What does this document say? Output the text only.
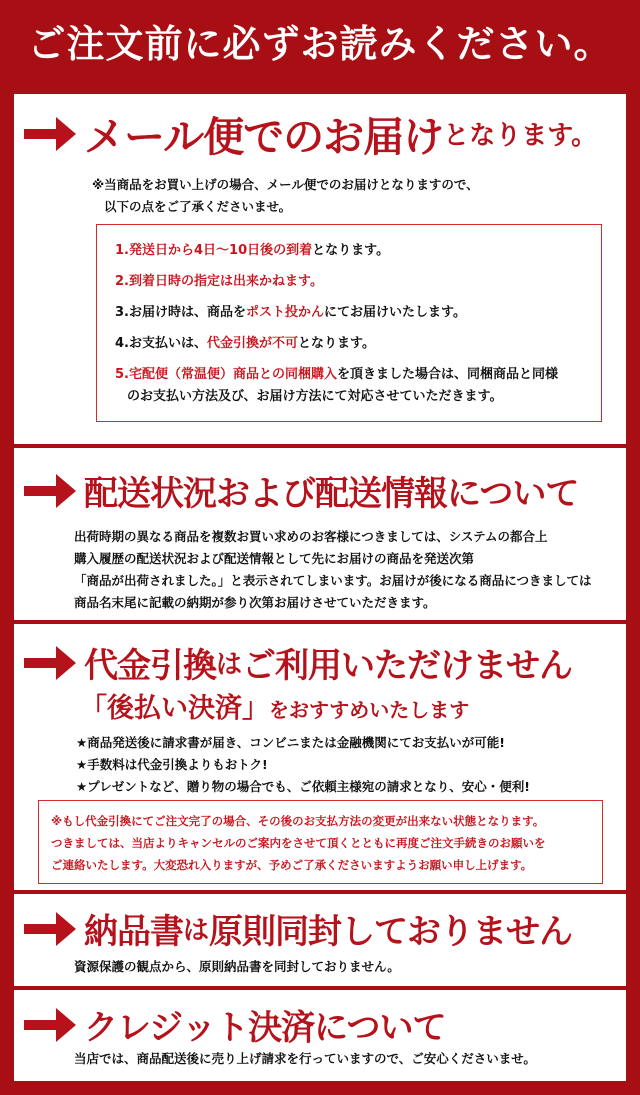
ご注文前に必ずお読みください。
メール便でのお届け となります。
※当商品をお買い上げの場合、メール便でのお届けとなりますので、
以下の点をご了承くださいませ。
1.発送日から4日～10日後の到着となります。
2.到着日時の指定は出来かねます。
3.お届け時は、商品をポスト投かんにてお届けいたします。
4.お支払いは、代金引換が不可となります。
5.宅配便（常温便）商品との同梱購入を頂きました場合は、同梱商品と同様
のお支払い方法及び、お届け方法にて対応させていただきます。
配送状況および配送情報について
出荷時期の異なる商品を複数お買い求めのお客様につきましては、システムの都合上
購入履歴の配送状況および配送情報として先にお届けの商品を発送次第
「商品が出荷されました。」と表示されてしまいます。お届けが後になる商品につきましては
商品名末尾に記載の納期が参り次第お届けさせていただきます。
代金引換 は ご利用いただけません
「後払い決済」をおすすめいたします
★商品発送後に請求書が届き、コンビニまたは金融機関にてお支払いが可能!
★手数料は代金引換よりもおトク!
★プレゼントなど、贈り物の場合でも、ご依頼主様宛の請求となり、安心・便利!
※もし代金引換にてご注文完了の場合、その後のお支払方法の変更が出来ない状態となります。
つきましては、当店よりキャンセルのご案内をさせて頂くとともに再度ご注文手続きのお願いを
ご連絡いたします。大変恐れ入りますが、予めご了承くださいますようお願い申し上げます。
納品書 は 原則同封しておりません
資源保護の観点から、原則納品書を同封しておりません。
クレジット決済について
当店では、商品配送後に売り上げ請求を行っていますので、ご安心くださいませ。
